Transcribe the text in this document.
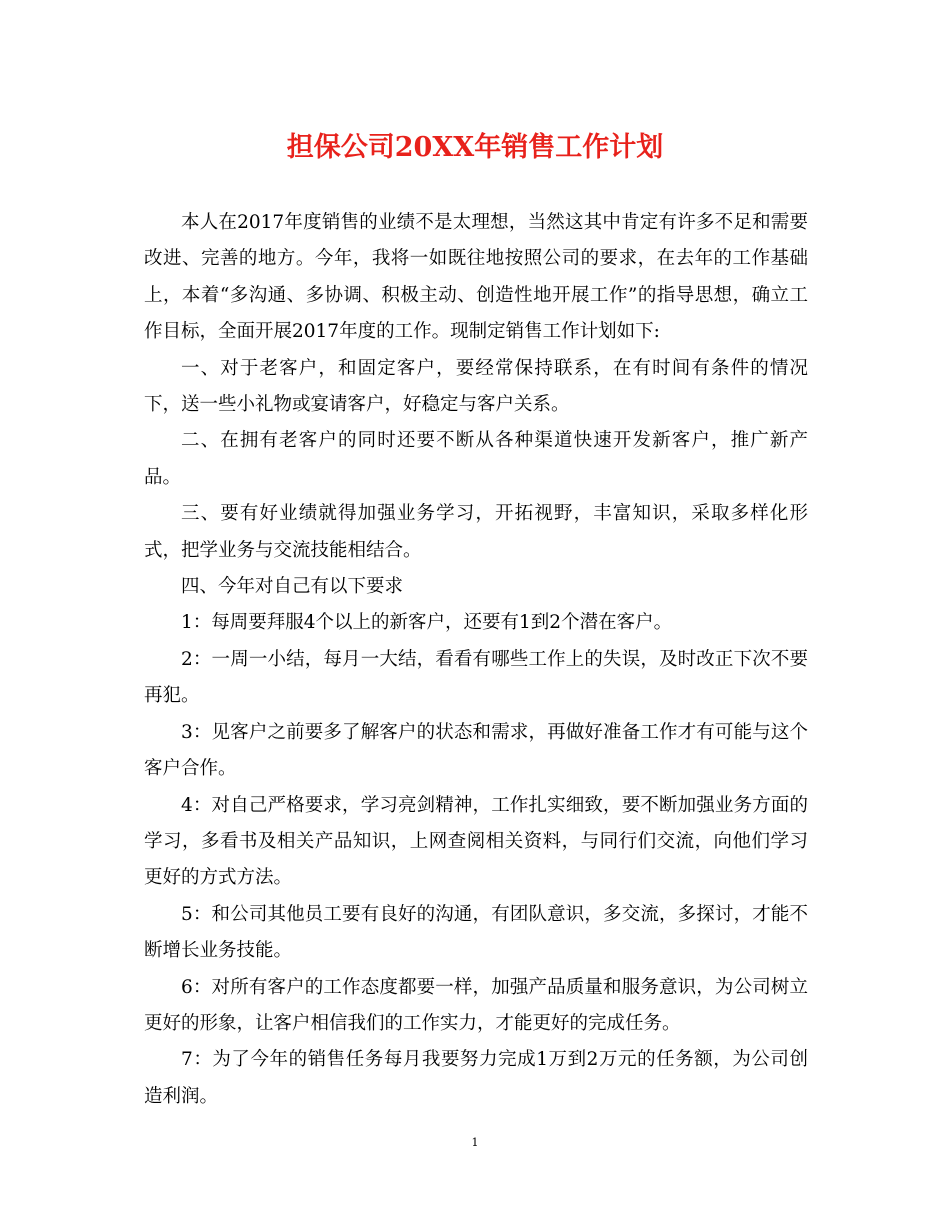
担保公司20XX年销售工作计划

本人在2017年度销售的业绩不是太理想，当然这其中肯定有许多不足和需要改进、完善的地方。今年，我将一如既往地按照公司的要求，在去年的工作基础上，本着“多沟通、多协调、积极主动、创造性地开展工作”的指导思想，确立工作目标，全面开展2017年度的工作。现制定销售工作计划如下:

一、对于老客户，和固定客户，要经常保持联系，在有时间有条件的情况下，送一些小礼物或宴请客户，好稳定与客户关系。

二、在拥有老客户的同时还要不断从各种渠道快速开发新客户，推广新产品。

三、要有好业绩就得加强业务学习，开拓视野，丰富知识，采取多样化形式，把学业务与交流技能相结合。

四、今年对自己有以下要求

1：每周要拜服4个以上的新客户，还要有1到2个潜在客户。

2：一周一小结，每月一大结，看看有哪些工作上的失误，及时改正下次不要再犯。

3：见客户之前要多了解客户的状态和需求，再做好准备工作才有可能与这个客户合作。

4：对自己严格要求，学习亮剑精神，工作扎实细致，要不断加强业务方面的学习，多看书及相关产品知识，上网查阅相关资料，与同行们交流，向他们学习更好的方式方法。

5：和公司其他员工要有良好的沟通，有团队意识，多交流，多探讨，才能不断增长业务技能。

6：对所有客户的工作态度都要一样，加强产品质量和服务意识，为公司树立更好的形象，让客户相信我们的工作实力，才能更好的完成任务。

7：为了今年的销售任务每月我要努力完成1万到2万元的任务额，为公司创造利润。

1
